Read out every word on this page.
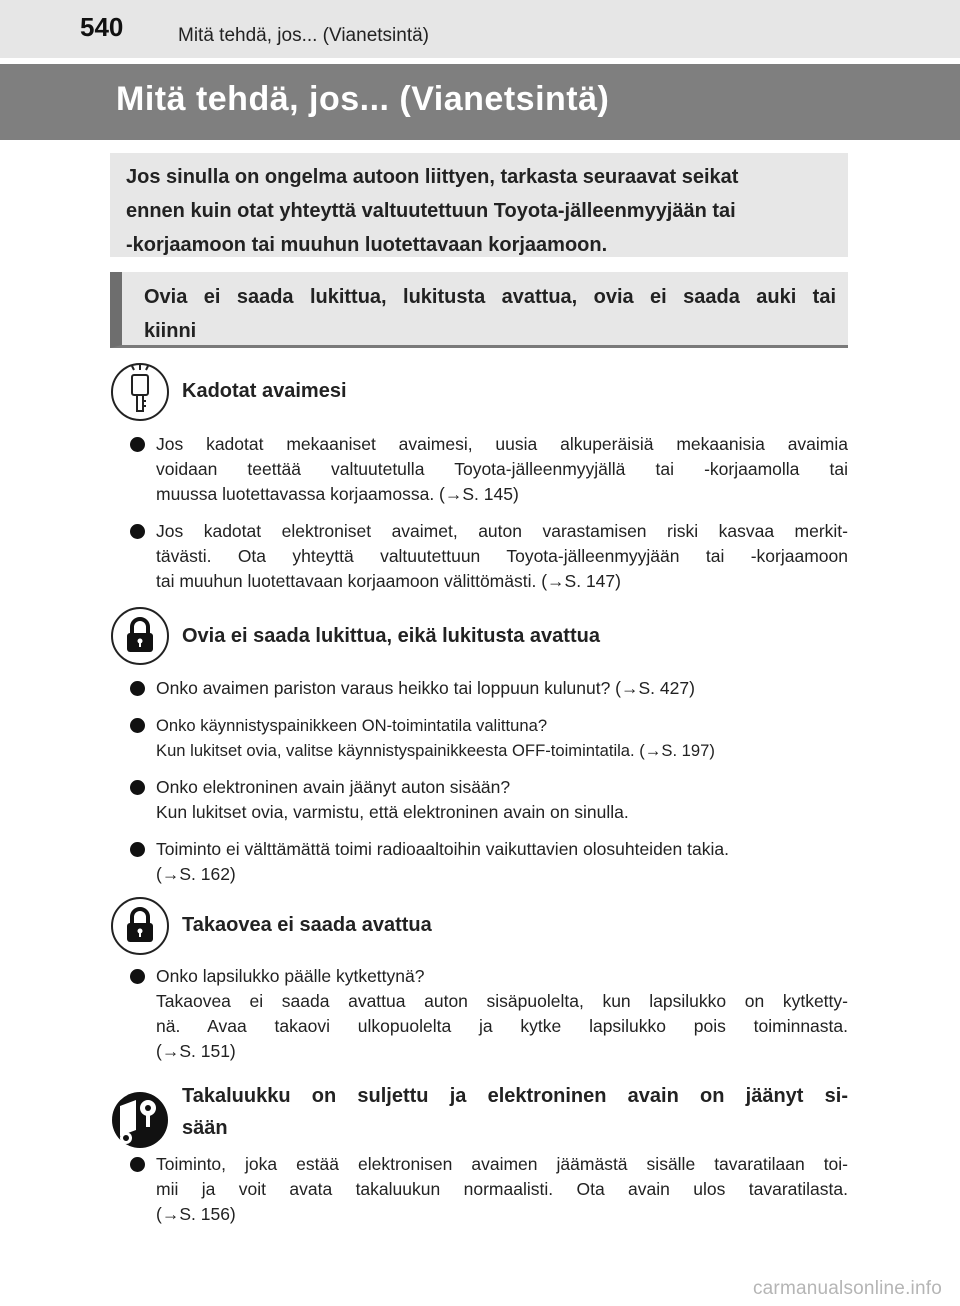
540	Mitä tehdä, jos... (Vianetsintä)
Mitä tehdä, jos... (Vianetsintä)
Jos sinulla on ongelma autoon liittyen, tarkasta seuraavat seikat
ennen kuin otat yhteyttä valtuutettuun Toyota-jälleenmyyjään tai
-korjaamoon tai muuhun luotettavaan korjaamoon.
Ovia ei saada lukittua, lukitusta avattua, ovia ei saada auki tai
kiinni
Kadotat avaimesi
Jos kadotat mekaaniset avaimesi, uusia alkuperäisiä mekaanisia avaimia
voidaan teettää valtuutetulla Toyota-jälleenmyyjällä tai -korjaamolla tai
muussa luotettavassa korjaamossa. (→S. 145)
Jos kadotat elektroniset avaimet, auton varastamisen riski kasvaa merkit-
tävästi. Ota yhteyttä valtuutettuun Toyota-jälleenmyyjään tai -korjaamoon
tai muuhun luotettavaan korjaamoon välittömästi. (→S. 147)
Ovia ei saada lukittua, eikä lukitusta avattua
Onko avaimen pariston varaus heikko tai loppuun kulunut? (→S. 427)
Onko käynnistyspainikkeen ON-toimintatila valittuna?
Kun lukitset ovia, valitse käynnistyspainikkeesta OFF-toimintatila. (→S. 197)
Onko elektroninen avain jäänyt auton sisään?
Kun lukitset ovia, varmistu, että elektroninen avain on sinulla.
Toiminto ei välttämättä toimi radioaaltoihin vaikuttavien olosuhteiden takia.
(→S. 162)
Takaovea ei saada avattua
Onko lapsilukko päälle kytkettynä?
Takaovea ei saada avattua auton sisäpuolelta, kun lapsilukko on kytketty-
nä. Avaa takaovi ulkopuolelta ja kytke lapsilukko pois toiminnasta.
(→S. 151)
Takaluukku on suljettu ja elektroninen avain on jäänyt si-
sään
Toiminto, joka estää elektronisen avaimen jäämästä sisälle tavaratilaan toi-
mii ja voit avata takaluukun normaalisti. Ota avain ulos tavaratilasta.
(→S. 156)
carmanualsonline.info
